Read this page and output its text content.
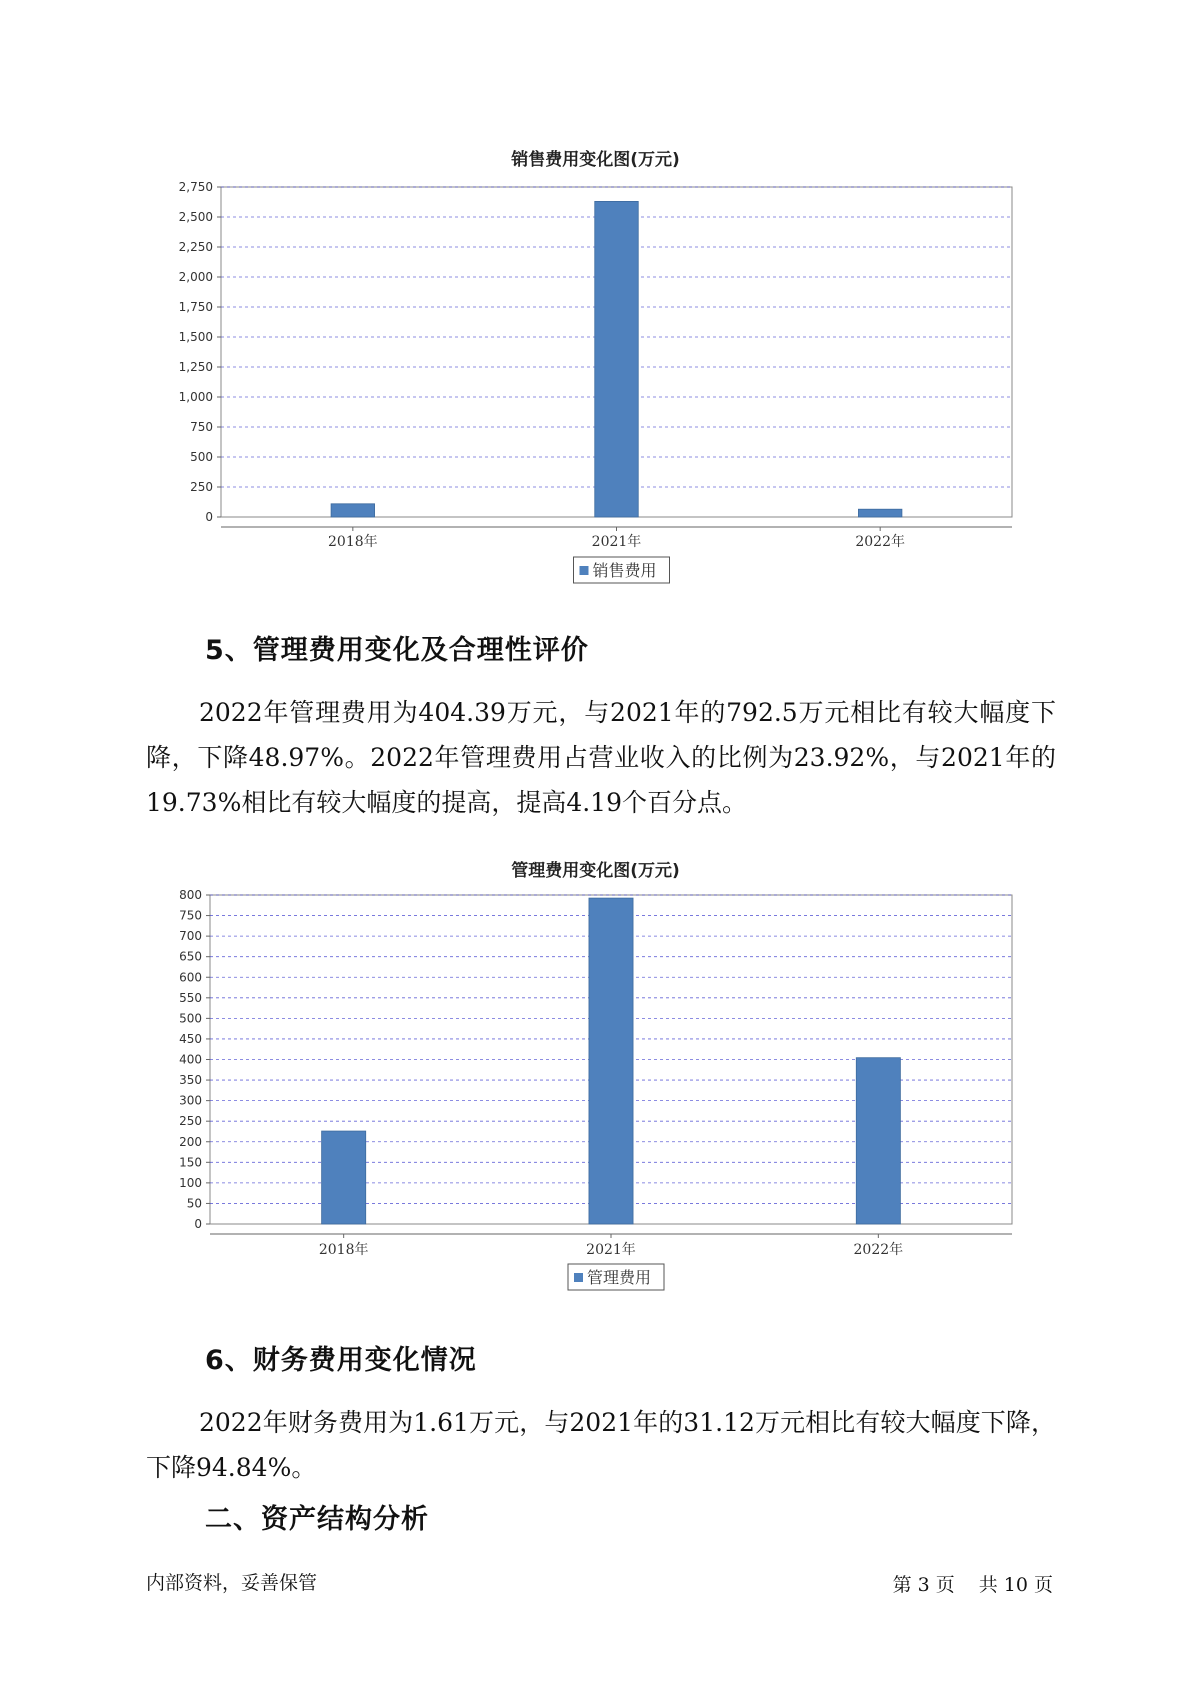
销售费用变化图(万元)
0
250
500
750
1,000
1,250
1,500
1,750
2,000
2,250
2,500
2,750
2018年	2021年	2022年
销售费用
5、管理费用变化及合理性评价
2022年管理费用为404.39万元，与2021年的792.5万元相比有较大幅度下降，下降48.97%。2022年管理费用占营业收入的比例为23.92%，与2021年的19.73%相比有较大幅度的提高，提高4.19个百分点。
管理费用变化图(万元)
0
50
100
150
200
250
300
350
400
450
500
550
600
650
700
750
800
2018年	2021年	2022年
管理费用
6、财务费用变化情况
2022年财务费用为1.61万元，与2021年的31.12万元相比有较大幅度下降，下降94.84%。
二、资产结构分析
内部资料，妥善保管	第 3 页 共 10 页
